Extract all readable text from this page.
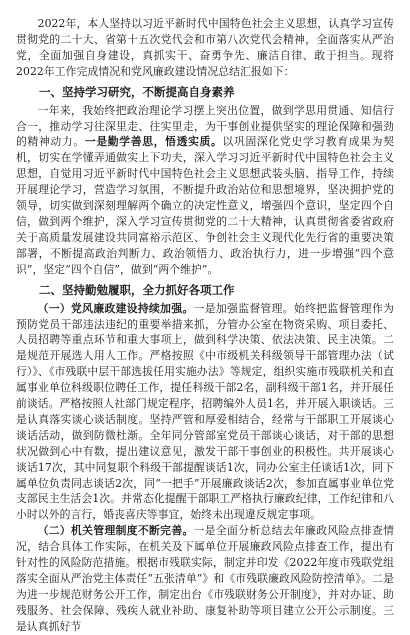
2022年，本人坚持以习近平新时代中国特色社会主义思想，认真学习宣传贯彻党的二十大、省第十五次党代会和市第八次党代会精神，全面落实从严治党，全面加强自身建设，真抓实干、奋勇争先、廉洁自律、敢于担当。现将2022年工作完成情况和党风廉政建设情况总结汇报如下：

一、坚持学习研究，不断提高自身素养

一年来，我始终把政治理论学习摆上突出位置，做到学思用贯通、知信行合一，推动学习往深里走、往实里走，为干事创业提供坚实的理论保障和强劲的精神动力。一是勤学善思，悟透实质。以巩固深化党史学习教育成果为契机，切实在学懂弄通做实上下功夫，深入学习习近平新时代中国特色社会主义思想，自觉用习近平新时代中国特色社会主义思想武装头脑、指导工作，持续开展理论学习，营造学习氛围，不断提升政治站位和思想境界，坚决拥护党的领导，切实做到深刻理解两个确立的决定性意义，增强四个意识，坚定四个自信，做到两个维护，深入学习宣传贯彻党的二十大精神，认真贯彻省委省政府关于高质量发展建设共同富裕示范区、争创社会主义现代化先行省的重要决策部署，不断提高政治判断力、政治领悟力、政治执行力，进一步增强“四个意识”，坚定“四个自信”，做到“两个维护”。

二、坚持勤勉履职，全力抓好各项工作

（一）党风廉政建设持续加强。一是加强监督管理。始终把监督管理作为预防党员干部违法违纪的重要举措来抓，分管办公室在物资采购、项目委托、人员招聘等重点环节和重大事项上，做到科学决策、依法决策、民主决策。二是规范开展选人用人工作。严格按照《中市级机关科级领导干部管理办法（试行）》、《市残联中层干部选拔任用实施办法》等规定，组织实施市残联机关和直属事业单位科级职位聘任工作，提任科级干部2名，副科级干部1名，并开展任前谈话。严格按照人社部门规定程序，招聘编外人员1名，并开展入职谈话。三是认真落实谈心谈话制度。坚持严管和厚爱相结合，经常与干部职工开展谈心谈话活动，做到防微杜渐。全年同分管部室党员干部谈心谈话，对干部的思想状况做到心中有数，提出建议意见，激发干部干事创业的积极性。共开展谈心谈话17次，其中同复职个科级干部提醒谈话1次，同办公室主任谈话1次，同下属单位负责同志谈话2次，同“一把手”开展廉政谈话2次，参加直属事业单位党支部民主生活会1次。并常态化提醒干部职工严格执行廉政纪律，工作纪律和八小时以外的言行，婚丧喜庆等事宜，始终未出现違反规定事项。

（二）机关管理制度不断完善。一是全面分析总结去年廉政风险点排查情况，结合具体工作实际，在机关及下属单位开展廉政风险点排查工作，提出有针对性的风险防范措施。根据市残联实际，制定并印发《2022年度市残联党组落实全面从严治党主体责任“五张清单”》和《市残联廉政风险防控清单》。二是为进一步规范财务公开工作，制定出台《市残联财务公开制度》，并对办证、助残服务、社会保障、残疾人就业补助、康复补助等项目建立公开公示制度。三是认真抓好节
